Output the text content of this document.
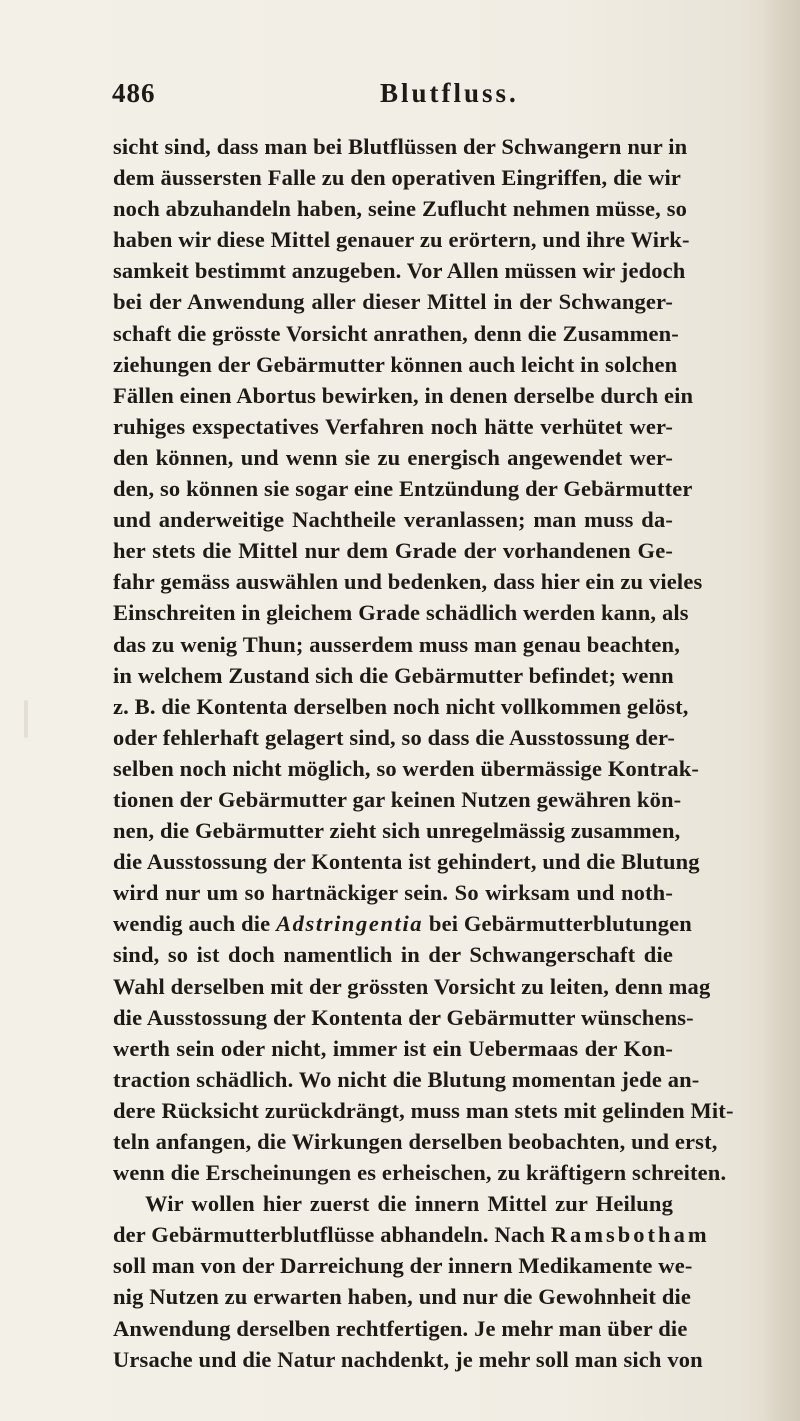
486	Blutfluss.
sicht sind, dass man bei Blutflüssen der Schwangern nur in
dem äussersten Falle zu den operativen Eingriffen, die wir
noch abzuhandeln haben, seine Zuflucht nehmen müsse, so
haben wir diese Mittel genauer zu erörtern, und ihre Wirk-
samkeit bestimmt anzugeben. Vor Allen müssen wir jedoch
bei der Anwendung aller dieser Mittel in der Schwanger-
schaft die grösste Vorsicht anrathen, denn die Zusammen-
ziehungen der Gebärmutter können auch leicht in solchen
Fällen einen Abortus bewirken, in denen derselbe durch ein
ruhiges exspectatives Verfahren noch hätte verhütet wer-
den können, und wenn sie zu energisch angewendet wer-
den, so können sie sogar eine Entzündung der Gebärmutter
und anderweitige Nachtheile veranlassen; man muss da-
her stets die Mittel nur dem Grade der vorhandenen Ge-
fahr gemäss auswählen und bedenken, dass hier ein zu vieles
Einschreiten in gleichem Grade schädlich werden kann, als
das zu wenig Thun; ausserdem muss man genau beachten,
in welchem Zustand sich die Gebärmutter befindet; wenn
z. B. die Kontenta derselben noch nicht vollkommen gelöst,
oder fehlerhaft gelagert sind, so dass die Ausstossung der-
selben noch nicht möglich, so werden übermässige Kontrak-
tionen der Gebärmutter gar keinen Nutzen gewähren kön-
nen, die Gebärmutter zieht sich unregelmässig zusammen,
die Ausstossung der Kontenta ist gehindert, und die Blutung
wird nur um so hartnäckiger sein. So wirksam und noth-
wendig auch die Adstringentia bei Gebärmutterblutungen
sind, so ist doch namentlich in der Schwangerschaft die
Wahl derselben mit der grössten Vorsicht zu leiten, denn mag
die Ausstossung der Kontenta der Gebärmutter wünschens-
werth sein oder nicht, immer ist ein Uebermaas der Kon-
traction schädlich. Wo nicht die Blutung momentan jede an-
dere Rücksicht zurückdrängt, muss man stets mit gelinden Mit-
teln anfangen, die Wirkungen derselben beobachten, und erst,
wenn die Erscheinungen es erheischen, zu kräftigern schreiten.
Wir wollen hier zuerst die innern Mittel zur Heilung
der Gebärmutterblutflüsse abhandeln. Nach Ramsbotham
soll man von der Darreichung der innern Medikamente we-
nig Nutzen zu erwarten haben, und nur die Gewohnheit die
Anwendung derselben rechtfertigen. Je mehr man über die
Ursache und die Natur nachdenkt, je mehr soll man sich von
